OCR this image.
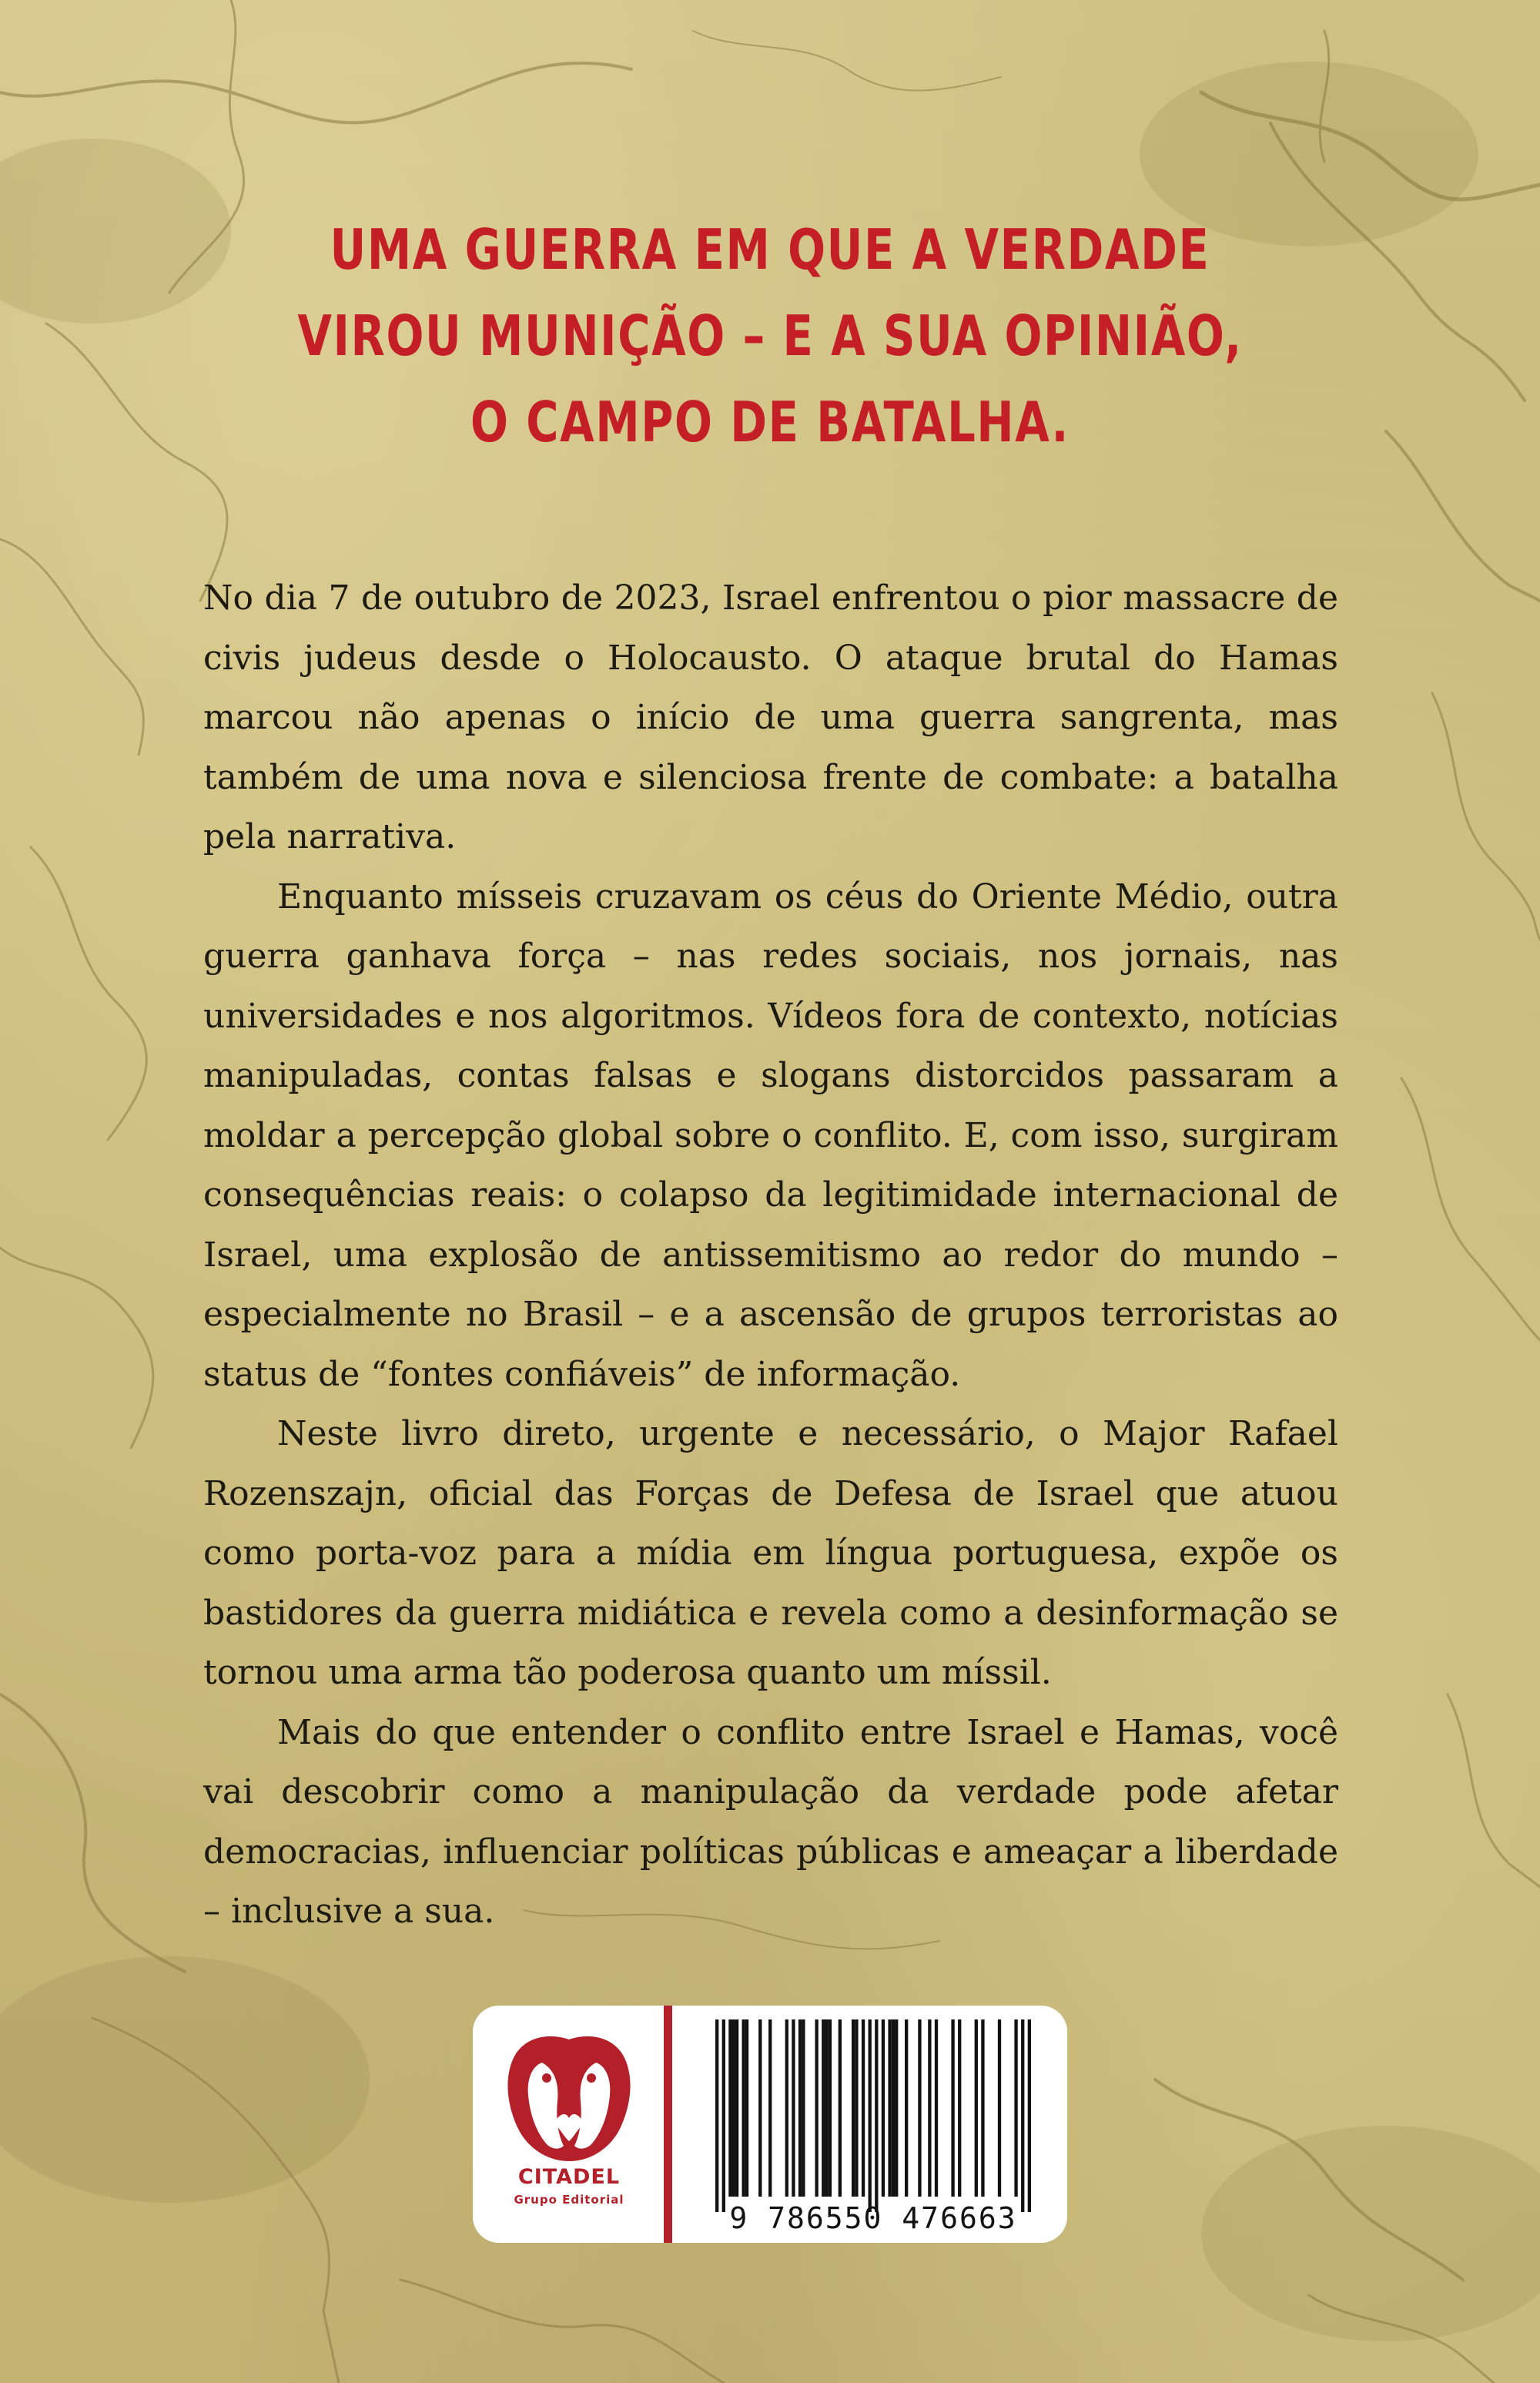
UMA GUERRA EM QUE A VERDADE
VIROU MUNIÇÃO – E A SUA OPINIÃO,
O CAMPO DE BATALHA.

No dia 7 de outubro de 2023, Israel enfrentou o pior massacre de civis judeus desde o Holocausto. O ataque brutal do Hamas marcou não apenas o início de uma guerra sangrenta, mas também de uma nova e silenciosa frente de combate: a batalha pela narrativa.

Enquanto mísseis cruzavam os céus do Oriente Médio, outra guerra ganhava força – nas redes sociais, nos jornais, nas universidades e nos algoritmos. Vídeos fora de contexto, notícias manipuladas, contas falsas e slogans distorcidos passaram a moldar a percepção global sobre o conflito. E, com isso, surgiram consequências reais: o colapso da legitimidade internacional de Israel, uma explosão de antissemitismo ao redor do mundo – especialmente no Brasil – e a ascensão de grupos terroristas ao status de “fontes confiáveis” de informação.

Neste livro direto, urgente e necessário, o Major Rafael Rozenszajn, oficial das Forças de Defesa de Israel que atuou como porta-voz para a mídia em língua portuguesa, expõe os bastidores da guerra midiática e revela como a desinformação se tornou uma arma tão poderosa quanto um míssil.

Mais do que entender o conflito entre Israel e Hamas, você vai descobrir como a manipulação da verdade pode afetar democracias, influenciar políticas públicas e ameaçar a liberdade – inclusive a sua.

CITADEL
Grupo Editorial
9 786550 476663
